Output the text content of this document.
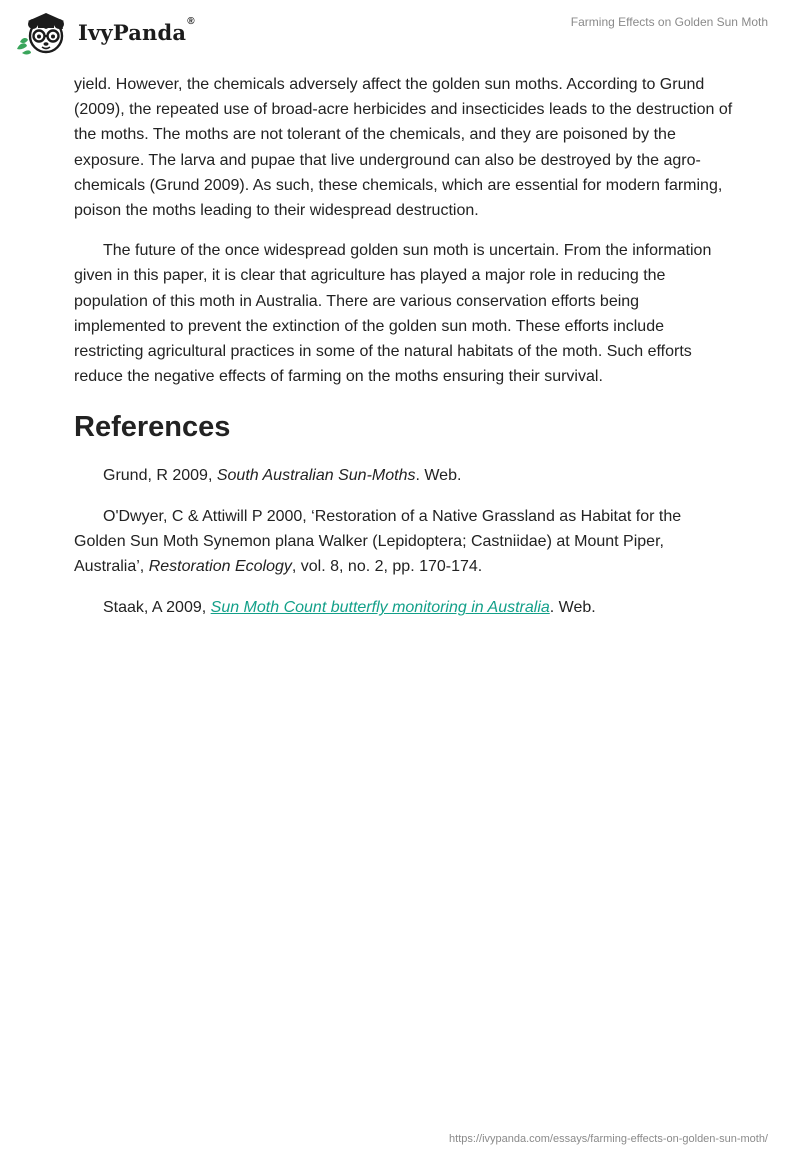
IvyPanda®	Farming Effects on Golden Sun Moth

yield. However, the chemicals adversely affect the golden sun moths. According to Grund (2009), the repeated use of broad-acre herbicides and insecticides leads to the destruction of the moths. The moths are not tolerant of the chemicals, and they are poisoned by the exposure. The larva and pupae that live underground can also be destroyed by the agro-chemicals (Grund 2009). As such, these chemicals, which are essential for modern farming, poison the moths leading to their widespread destruction.

The future of the once widespread golden sun moth is uncertain. From the information given in this paper, it is clear that agriculture has played a major role in reducing the population of this moth in Australia. There are various conservation efforts being implemented to prevent the extinction of the golden sun moth. These efforts include restricting agricultural practices in some of the natural habitats of the moth. Such efforts reduce the negative effects of farming on the moths ensuring their survival.

References

Grund, R 2009, South Australian Sun-Moths. Web.

O'Dwyer, C & Attiwill P 2000, ‘Restoration of a Native Grassland as Habitat for the Golden Sun Moth Synemon plana Walker (Lepidoptera; Castniidae) at Mount Piper, Australia’, Restoration Ecology, vol. 8, no. 2, pp. 170-174.

Staak, A 2009, Sun Moth Count butterfly monitoring in Australia. Web.

https://ivypanda.com/essays/farming-effects-on-golden-sun-moth/
